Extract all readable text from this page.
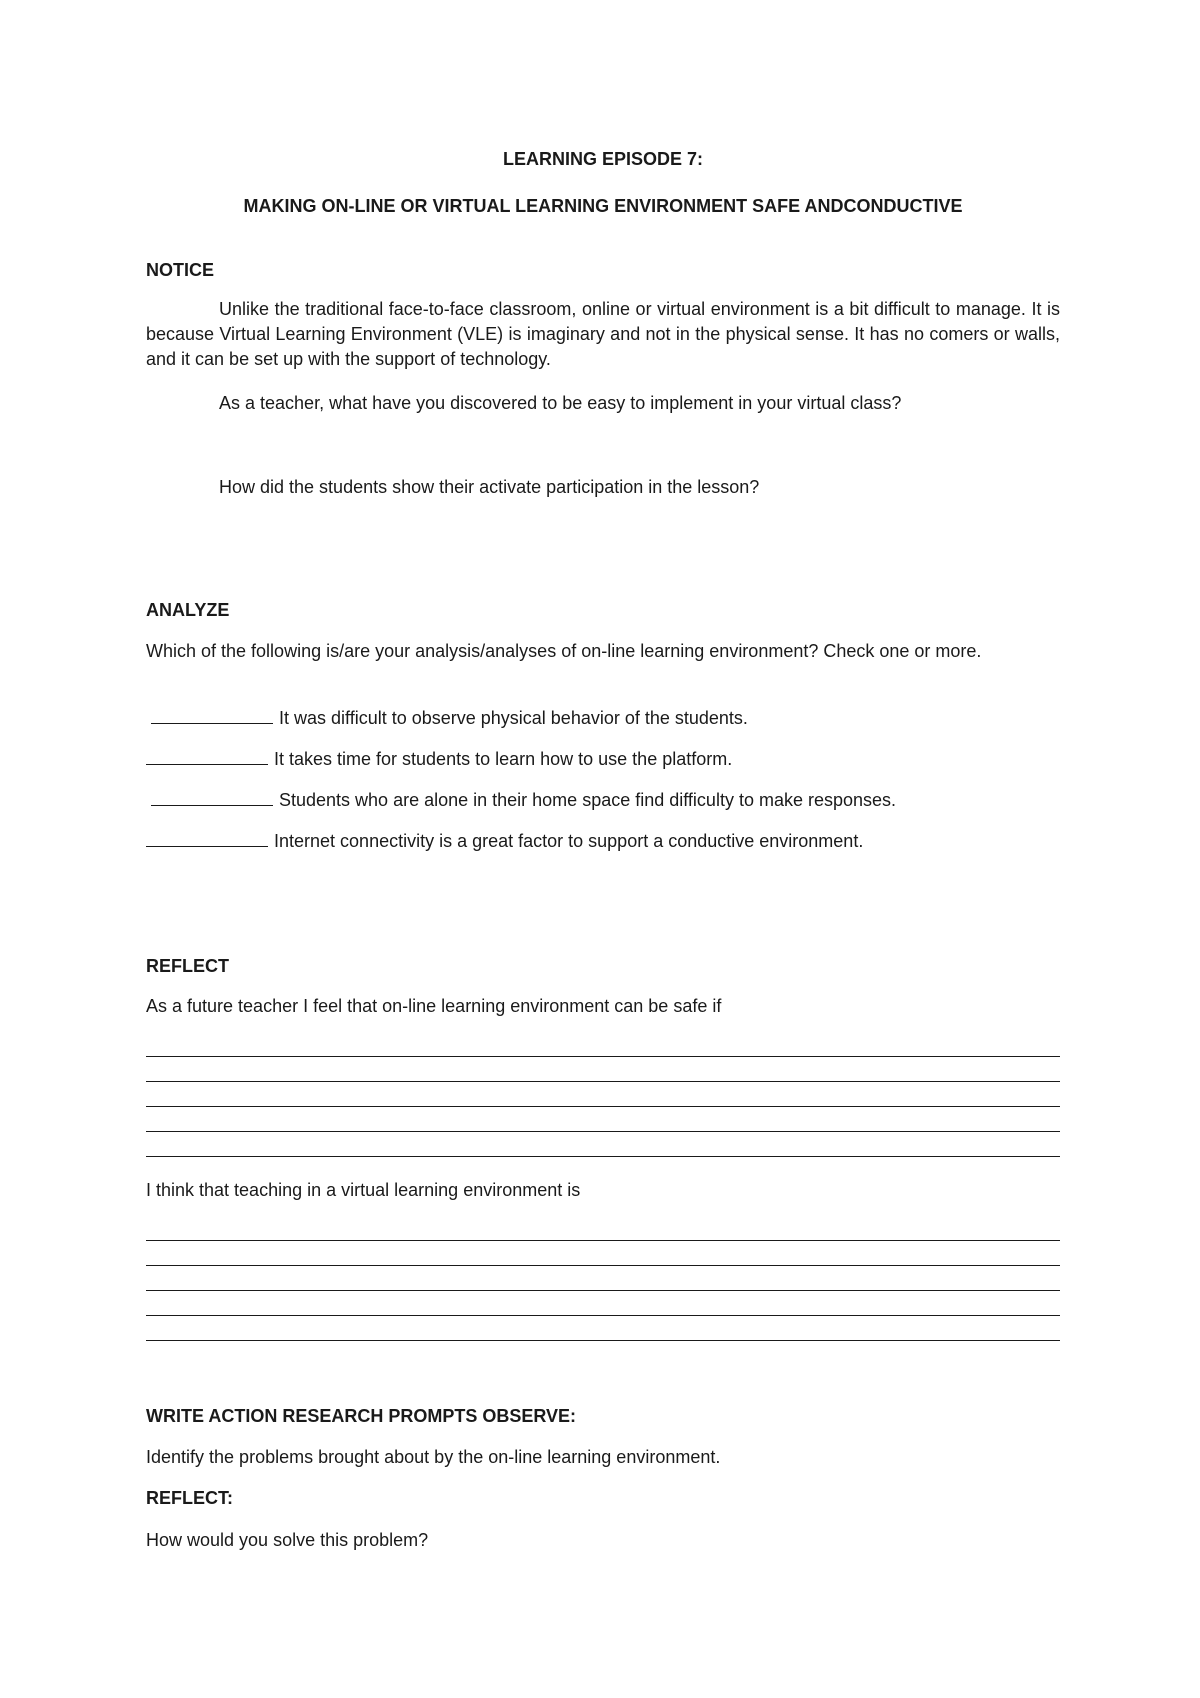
LEARNING EPISODE 7:
MAKING ON-LINE OR VIRTUAL LEARNING ENVIRONMENT SAFE ANDCONDUCTIVE
NOTICE
Unlike the traditional face-to-face classroom, online or virtual environment is a bit difficult to manage. It is because Virtual Learning Environment (VLE) is imaginary and not in the physical sense. It has no comers or walls, and it can be set up with the support of technology.
As a teacher, what have you discovered to be easy to implement in your virtual class?
How did the students show their activate participation in the lesson?
ANALYZE
Which of the following is/are your analysis/analyses of on-line learning environment? Check one or more.
It was difficult to observe physical behavior of the students.
It takes time for students to learn how to use the platform.
Students who are alone in their home space find difficulty to make responses.
Internet connectivity is a great factor to support a conductive environment.
REFLECT
As a future teacher I feel that on-line learning environment can be safe if
I think that teaching in a virtual learning environment is
WRITE ACTION RESEARCH PROMPTS OBSERVE:
Identify the problems brought about by the on-line learning environment.
REFLECT:
How would you solve this problem?
